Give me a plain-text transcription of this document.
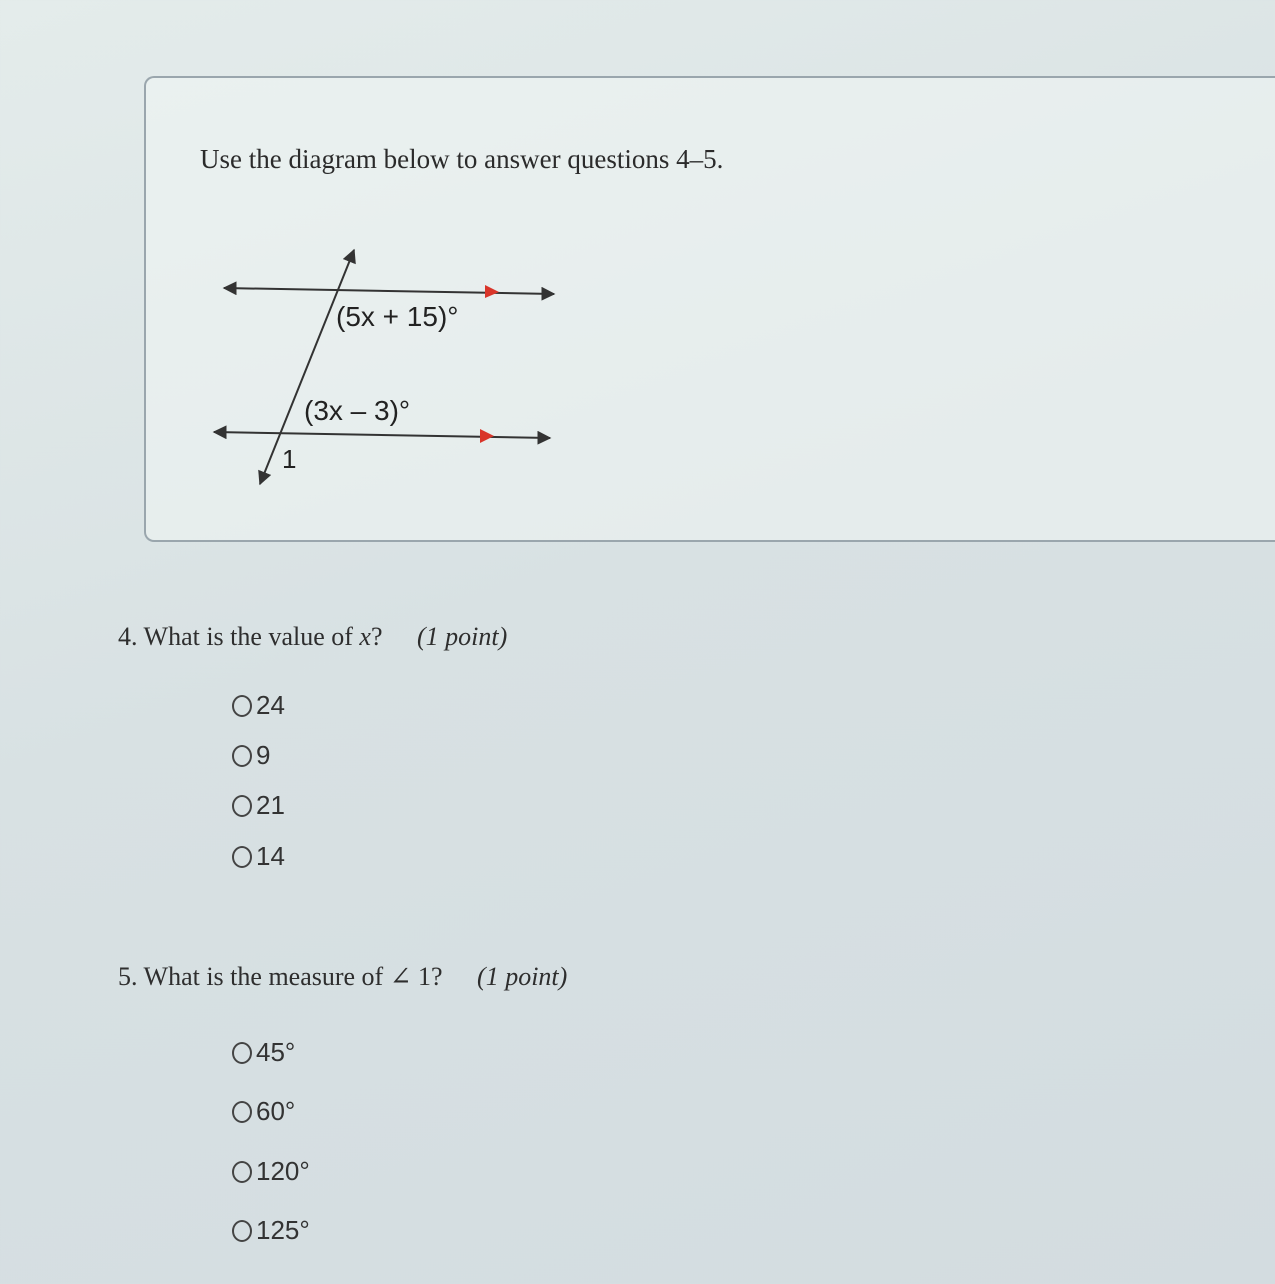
Use the diagram below to answer questions 4–5.
(5x + 15)°
(3x – 3)°
1
4. What is the value of x? (1 point)
24
9
21
14
5. What is the measure of ∠ 1? (1 point)
45°
60°
120°
125°
